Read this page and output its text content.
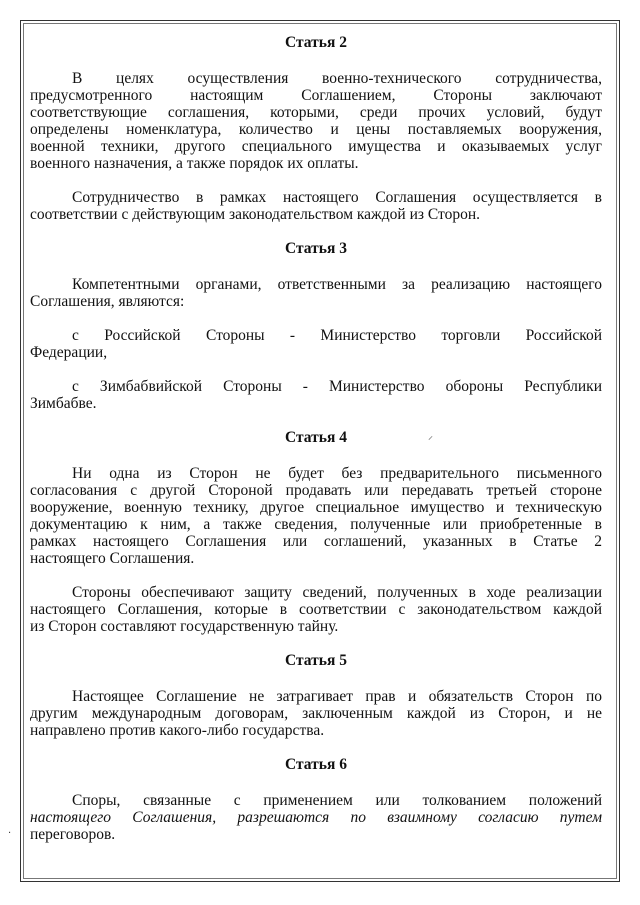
Статья 2

В целях осуществления военно-технического сотрудничества,
предусмотренного настоящим Соглашением, Стороны заключают
соответствующие соглашения, которыми, среди прочих условий, будут
определены номенклатура, количество и цены поставляемых вооружения,
военной техники, другого специального имущества и оказываемых услуг
военного назначения, а также порядок их оплаты.

Сотрудничество в рамках настоящего Соглашения осуществляется в
соответствии с действующим законодательством каждой из Сторон.

Статья 3

Компетентными органами, ответственными за реализацию настоящего
Соглашения, являются:

с Российской Стороны - Министерство торговли Российской
Федерации,

с Зимбабвийской Стороны - Министерство обороны Республики
Зимбабве.

Статья 4

Ни одна из Сторон не будет без предварительного письменного
согласования с другой Стороной продавать или передавать третьей стороне
вооружение, военную технику, другое специальное имущество и техническую
документацию к ним, а также сведения, полученные или приобретенные в
рамках настоящего Соглашения или соглашений, указанных в Статье 2
настоящего Соглашения.

Стороны обеспечивают защиту сведений, полученных в ходе реализации
настоящего Соглашения, которые в соответствии с законодательством каждой
из Сторон составляют государственную тайну.

Статья 5

Настоящее Соглашение не затрагивает прав и обязательств Сторон по
другим международным договорам, заключенным каждой из Сторон, и не
направлено против какого-либо государства.

Статья 6

Споры, связанные с применением или толкованием положений
настоящего Соглашения, разрешаются по взаимному согласию путем
переговоров.

⸝
·
